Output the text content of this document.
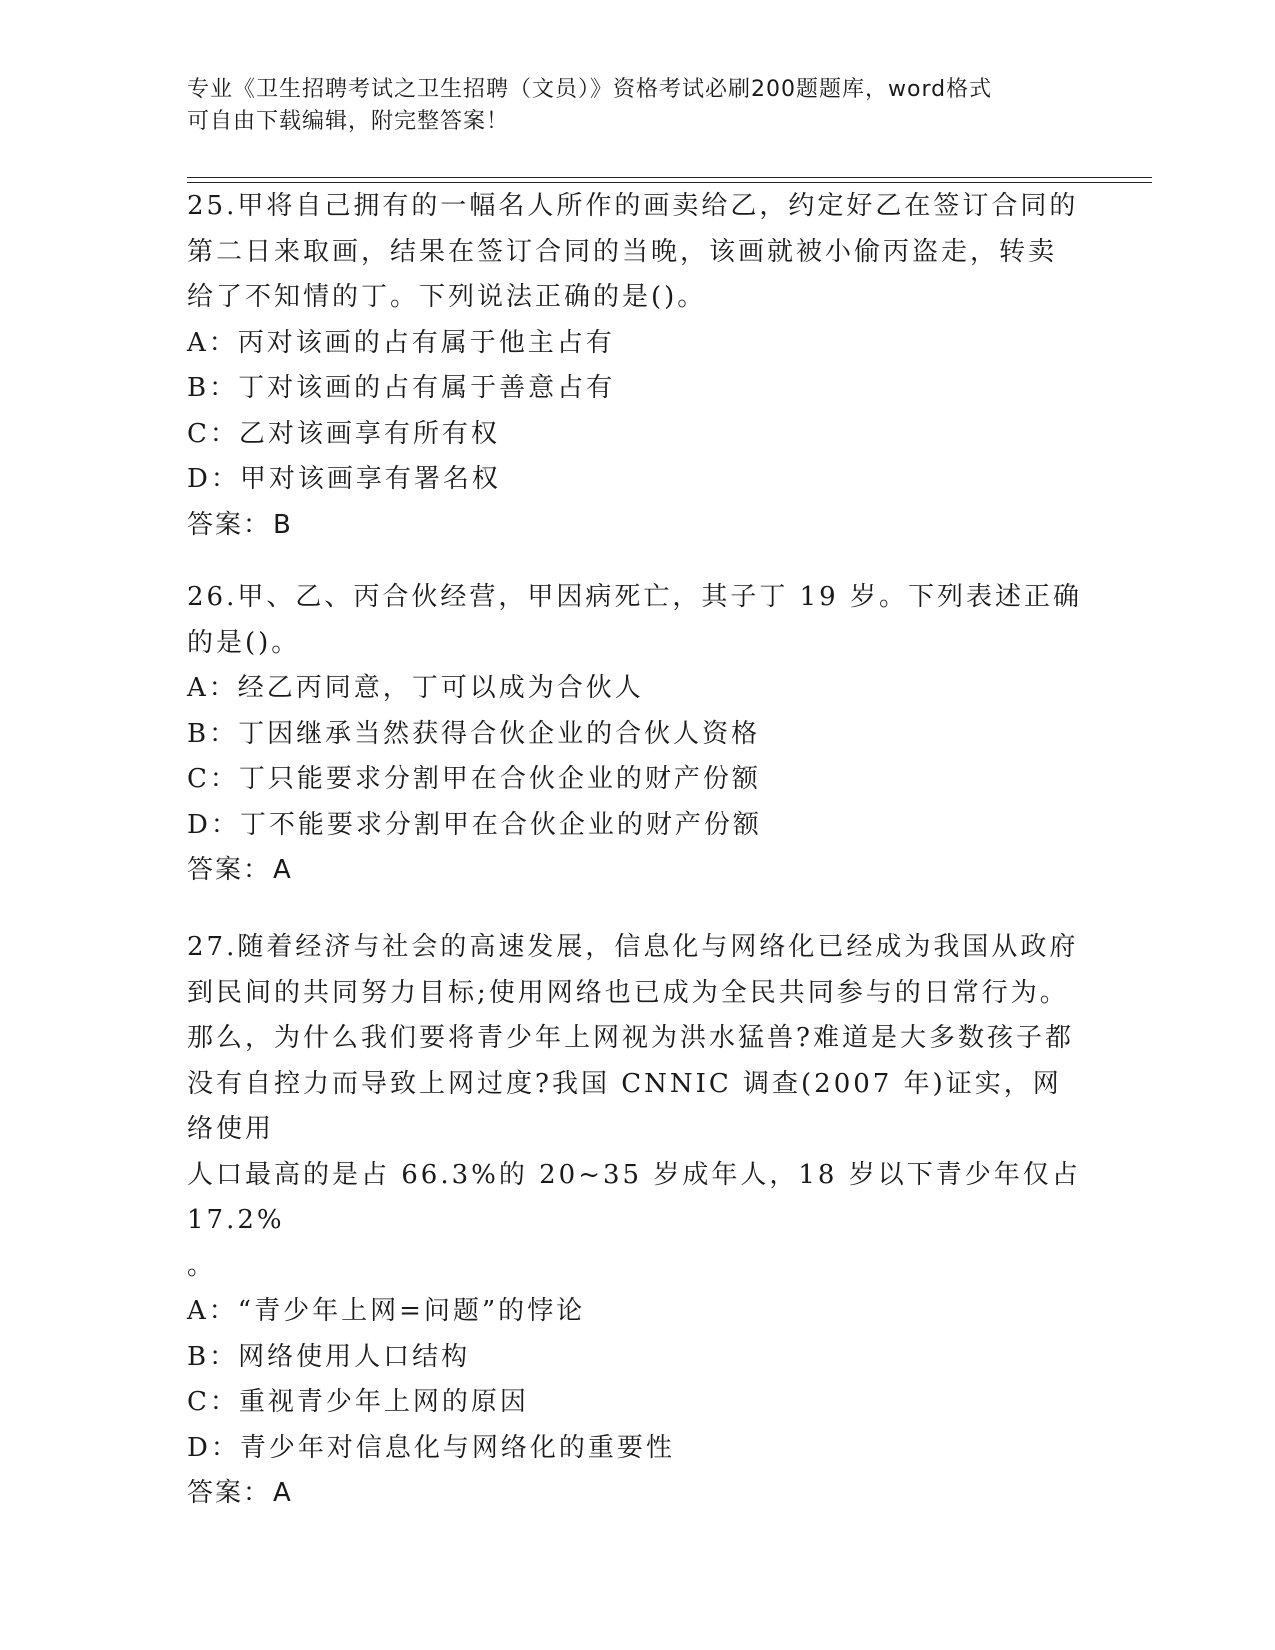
专业《卫生招聘考试之卫生招聘（文员）》资格考试必刷200题题库，word格式
可自由下载编辑，附完整答案！

25.甲将自己拥有的一幅名人所作的画卖给乙，约定好乙在签订合同的

第二日来取画，结果在签订合同的当晚，该画就被小偷丙盗走，转卖

给了不知情的丁。下列说法正确的是()。

A：丙对该画的占有属于他主占有

B：丁对该画的占有属于善意占有

C：乙对该画享有所有权

D：甲对该画享有署名权

答案：B

26.甲、乙、丙合伙经营，甲因病死亡，其子丁 19 岁。下列表述正确

的是()。

A：经乙丙同意，丁可以成为合伙人

B：丁因继承当然获得合伙企业的合伙人资格

C：丁只能要求分割甲在合伙企业的财产份额

D：丁不能要求分割甲在合伙企业的财产份额

答案：A

27.随着经济与社会的高速发展，信息化与网络化已经成为我国从政府

到民间的共同努力目标;使用网络也已成为全民共同参与的日常行为。

那么，为什么我们要将青少年上网视为洪水猛兽?难道是大多数孩子都

没有自控力而导致上网过度?我国 CNNIC 调查(2007 年)证实，网络使用

人口最高的是占 66.3%的 20~35 岁成年人，18 岁以下青少年仅占 17.2%

。

A：“青少年上网=问题”的悖论

B：网络使用人口结构

C：重视青少年上网的原因

D：青少年对信息化与网络化的重要性

答案：A
